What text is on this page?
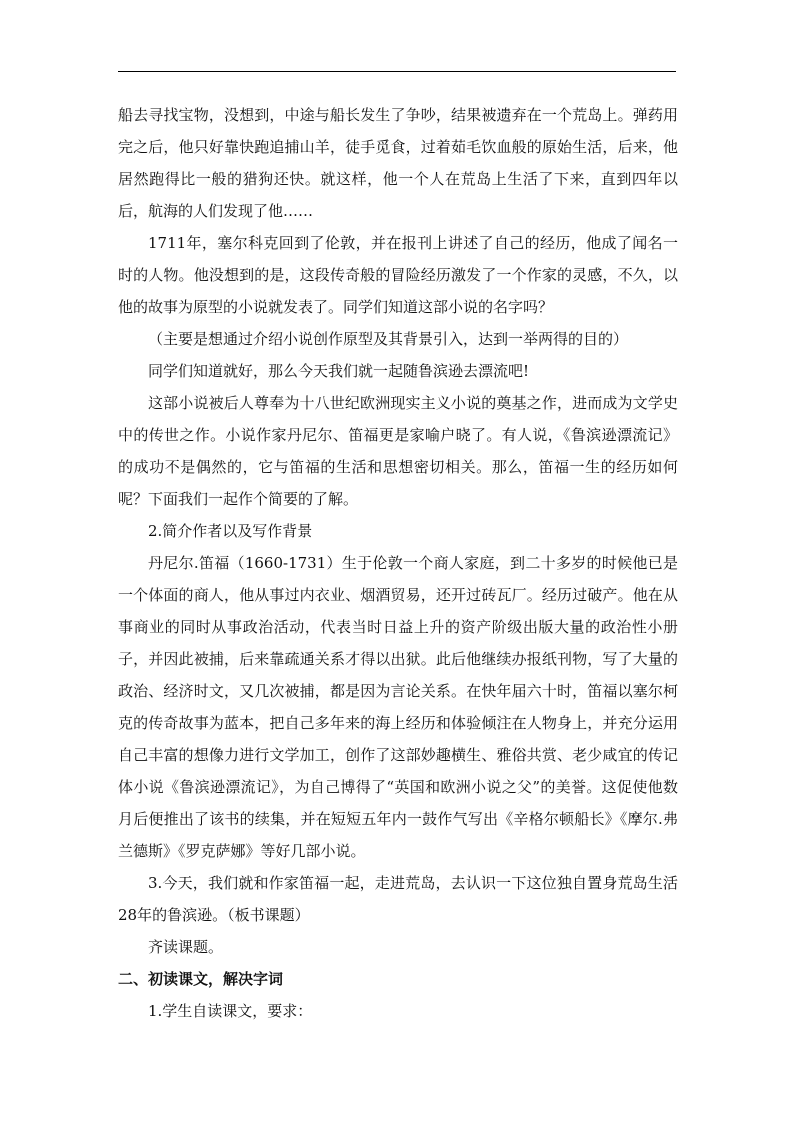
船去寻找宝物，没想到，中途与船长发生了争吵，结果被遗弃在一个荒岛上。弹药用完之后，他只好靠快跑追捕山羊，徒手觅食，过着茹毛饮血般的原始生活，后来，他居然跑得比一般的猎狗还快。就这样，他一个人在荒岛上生活了下来，直到四年以后，航海的人们发现了他……

1711年，塞尔科克回到了伦敦，并在报刊上讲述了自己的经历，他成了闻名一时的人物。他没想到的是，这段传奇般的冒险经历激发了一个作家的灵感，不久，以他的故事为原型的小说就发表了。同学们知道这部小说的名字吗？

（主要是想通过介绍小说创作原型及其背景引入，达到一举两得的目的）

同学们知道就好，那么今天我们就一起随鲁滨逊去漂流吧!

这部小说被后人尊奉为十八世纪欧洲现实主义小说的奠基之作，进而成为文学史中的传世之作。小说作家丹尼尔、笛福更是家喻户晓了。有人说，《鲁滨逊漂流记》的成功不是偶然的，它与笛福的生活和思想密切相关。那么，笛福一生的经历如何呢？下面我们一起作个简要的了解。

2.简介作者以及写作背景

丹尼尔.笛福（1660-1731）生于伦敦一个商人家庭，到二十多岁的时候他已是一个体面的商人，他从事过内衣业、烟酒贸易，还开过砖瓦厂。经历过破产。他在从事商业的同时从事政治活动，代表当时日益上升的资产阶级出版大量的政治性小册子，并因此被捕，后来靠疏通关系才得以出狱。此后他继续办报纸刊物，写了大量的政治、经济时文，又几次被捕，都是因为言论关系。在快年届六十时，笛福以塞尔柯克的传奇故事为蓝本，把自己多年来的海上经历和体验倾注在人物身上，并充分运用自己丰富的想像力进行文学加工，创作了这部妙趣横生、雅俗共赏、老少咸宜的传记体小说《鲁滨逊漂流记》，为自己博得了“英国和欧洲小说之父”的美誉。这促使他数月后便推出了该书的续集，并在短短五年内一鼓作气写出《辛格尔顿船长》《摩尔.弗兰德斯》《罗克萨娜》等好几部小说。

3.今天，我们就和作家笛福一起，走进荒岛，去认识一下这位独自置身荒岛生活28年的鲁滨逊。（板书课题）

齐读课题。

二、初读课文，解决字词

1.学生自读课文，要求：
